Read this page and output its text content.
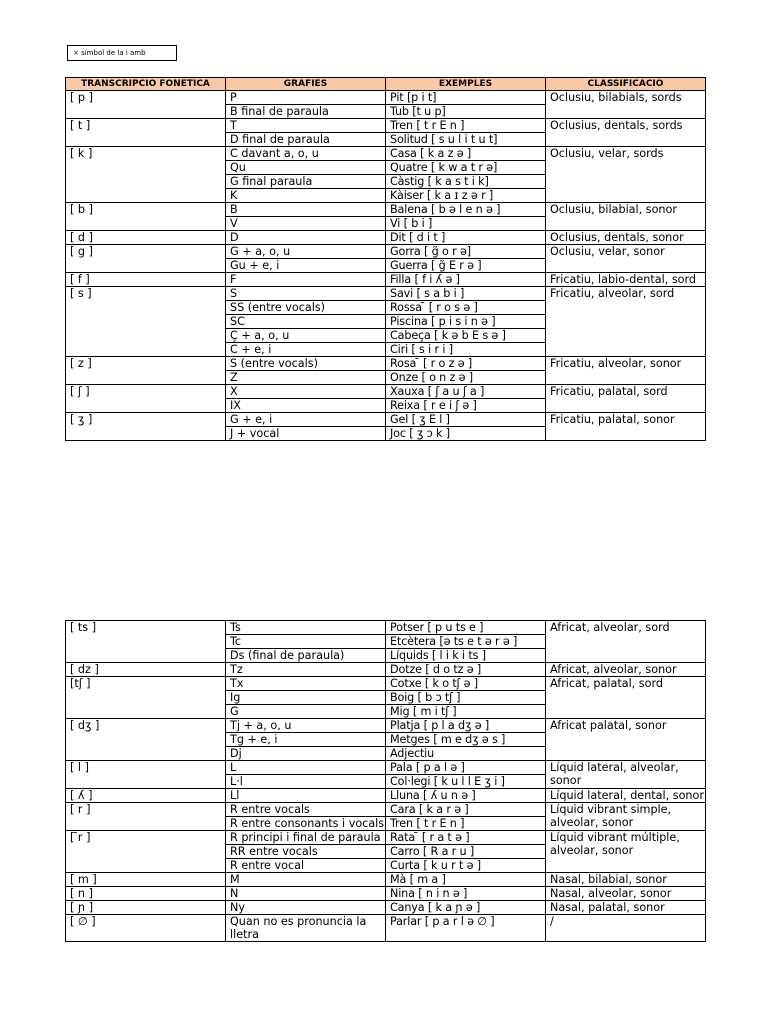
× símbol de la i amb
TRANSCRIPCIO FONETICA	GRAFIES	EXEMPLES	CLASSIFICACIO
[ p ]	P	Pit [p i t]	Oclusiu, bilabials, sords
	B final de paraula	Tub [t u p]	
[ t ]	T	Tren [ t r E n ]	Oclusius, dentals, sords
	D final de paraula	Solitud [ s u l i t u t]	
[ k ]	C davant a, o, u	Casa [ k a z ə ]	Oclusiu, velar, sords
	Qu	Quatre [ k w a t r ə]	
	G final paraula	Càstig [ k a s t i k]	
	K	Kàiser [ k a ɪ z ə r ]	
[ b ]	B	Balena [ b ə l e n ə ]	Oclusiu, bilabial, sonor
	V	Vi [ b i ]	
[ d ]	D	Dit [ d i t ]	Oclusius, dentals, sonor
[ g ]	G + a, o, u	Gorra [ g̃ o r ə]	Oclusiu, velar, sonor
	Gu + e, i	Guerra [ g̃ E r ə ]	
[ f ]	F	Filla [ f i ʎ ə ]	Fricatiu, labio-dental, sord
[ s ]	S	Savi [ s a b i ]	Fricatiu, alveolar, sord
	SS (entre vocals)	Rossa ̄ [ r o s ə ]	
	SC	Piscina [ p i s i n ə ]	
	Ç + a, o, u	Cabeça [ k ə b E s ə ]	
	C + e, i	Ciri [ s i r i ]	
[ z ]	S (entre vocals)	Rosa ̄ [ r o z ə ]	Fricatiu, alveolar, sonor
	Z	Onze [ o n z ə ]	
[ ʃ ]	X	Xauxa [ ʃ a u ʃ a ]	Fricatiu, palatal, sord
	IX	Reixa [ r e i ʃ ə ]	
[ ʒ ]	G + e, i	Gel [ ʒ E l ]	Fricatiu, palatal, sonor
	J + vocal	Joc [ ʒ ɔ k ]	
[ ts ]	Ts	Potser [ p u ts e ]	Africat, alveolar, sord
	Tc	Etcètera [ə ts e t ə r ə ]	
	Ds (final de paraula)	Líquids [ l i k i ts ]	
[ dz ]	Tz	Dotze [ d o tz ə ]	Africat, alveolar, sonor
[tʃ ]	Tx	Cotxe [ k o tʃ ə ]	Africat, palatal, sord
	Ig	Boig [ b ɔ tʃ ]	
	G	Mig [ m i tʃ ]	
[ dʒ ]	Tj + a, o, u	Platja [ p l a dʒ ə ]	Africat palatal, sonor
	Tg + e, i	Metges [ m e dʒ ə s ]	
	Dj	Adjectiu	
[ l ]	L	Pala [ p a l ə ]	Líquid lateral, alveolar, sonor
	L·l	Col·legi [ k u l l E ʒ i ]	
[ ʎ ]	Ll	Lluna [ ʎ u n ə ]	Líquid lateral, dental, sonor
[ r ]	R entre vocals	Cara [ k a r ə ]	Líquid vibrant simple, alveolar, sonor
	R entre consonants i vocals	Tren [ t r E n ]	
[ ̄r ]	R principi i final de paraula	Rata ̄ [ r a t ə ]	Líquid vibrant múltiple, alveolar, sonor
	RR entre vocals	Carro [ R̄ a r u ]	
	R entre vocal	Curta [ k̄ u r t ə ]	
[ m ]	M	Mà [ m a ]	Nasal, bilabial, sonor
[ n ]	N	Nina [ n i n ə ]	Nasal, alveolar, sonor
[ ɲ ]	Ny	Canya [ k a ɲ ə ]	Nasal, palatal, sonor
[ ∅ ]	Quan no es pronuncia la lletra	Parlar [ p a r l ə ∅ ]	/
